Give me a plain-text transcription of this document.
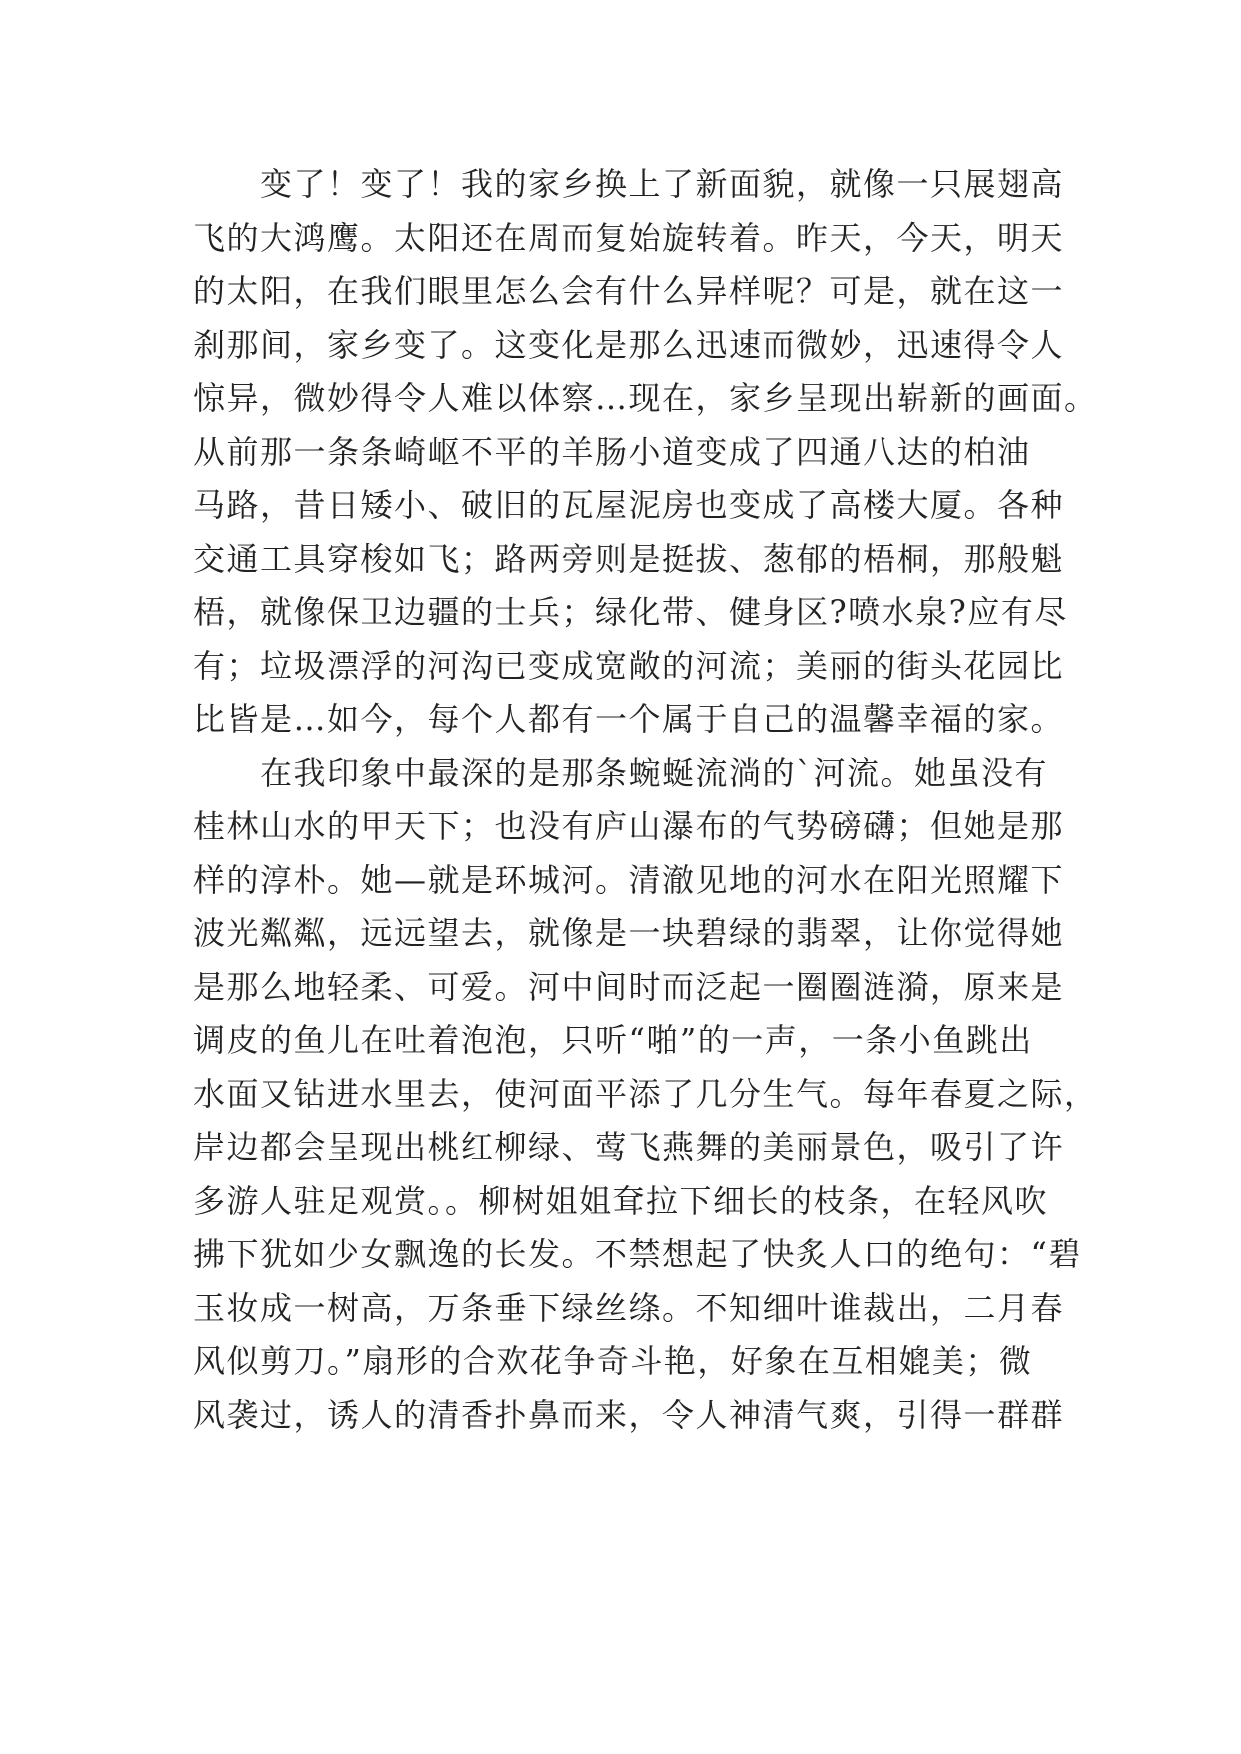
　　变了！变了！我的家乡换上了新面貌，就像一只展翅高
飞的大鸿鹰。太阳还在周而复始旋转着。昨天，今天，明天
的太阳，在我们眼里怎么会有什么异样呢？可是，就在这一
刹那间，家乡变了。这变化是那么迅速而微妙，迅速得令人
惊异，微妙得令人难以体察…现在，家乡呈现出崭新的画面。
从前那一条条崎岖不平的羊肠小道变成了四通八达的柏油
马路，昔日矮小、破旧的瓦屋泥房也变成了高楼大厦。各种
交通工具穿梭如飞；路两旁则是挺拔、葱郁的梧桐，那般魁
梧，就像保卫边疆的士兵；绿化带、健身区?喷水泉?应有尽
有；垃圾漂浮的河沟已变成宽敞的河流；美丽的街头花园比
比皆是…如今，每个人都有一个属于自己的温馨幸福的家。
　　在我印象中最深的是那条蜿蜒流淌的`河流。她虽没有
桂林山水的甲天下；也没有庐山瀑布的气势磅礴；但她是那
样的淳朴。她—就是环城河。清澈见地的河水在阳光照耀下
波光粼粼，远远望去，就像是一块碧绿的翡翠，让你觉得她
是那么地轻柔、可爱。河中间时而泛起一圈圈涟漪，原来是
调皮的鱼儿在吐着泡泡，只听“啪”的一声，一条小鱼跳出
水面又钻进水里去，使河面平添了几分生气。每年春夏之际，
岸边都会呈现出桃红柳绿、莺飞燕舞的美丽景色，吸引了许
多游人驻足观赏。。柳树姐姐耷拉下细长的枝条，在轻风吹
拂下犹如少女飘逸的长发。不禁想起了快炙人口的绝句：“碧
玉妆成一树高，万条垂下绿丝绦。不知细叶谁裁出，二月春
风似剪刀。”扇形的合欢花争奇斗艳，好象在互相媲美；微
风袭过，诱人的清香扑鼻而来，令人神清气爽，引得一群群
